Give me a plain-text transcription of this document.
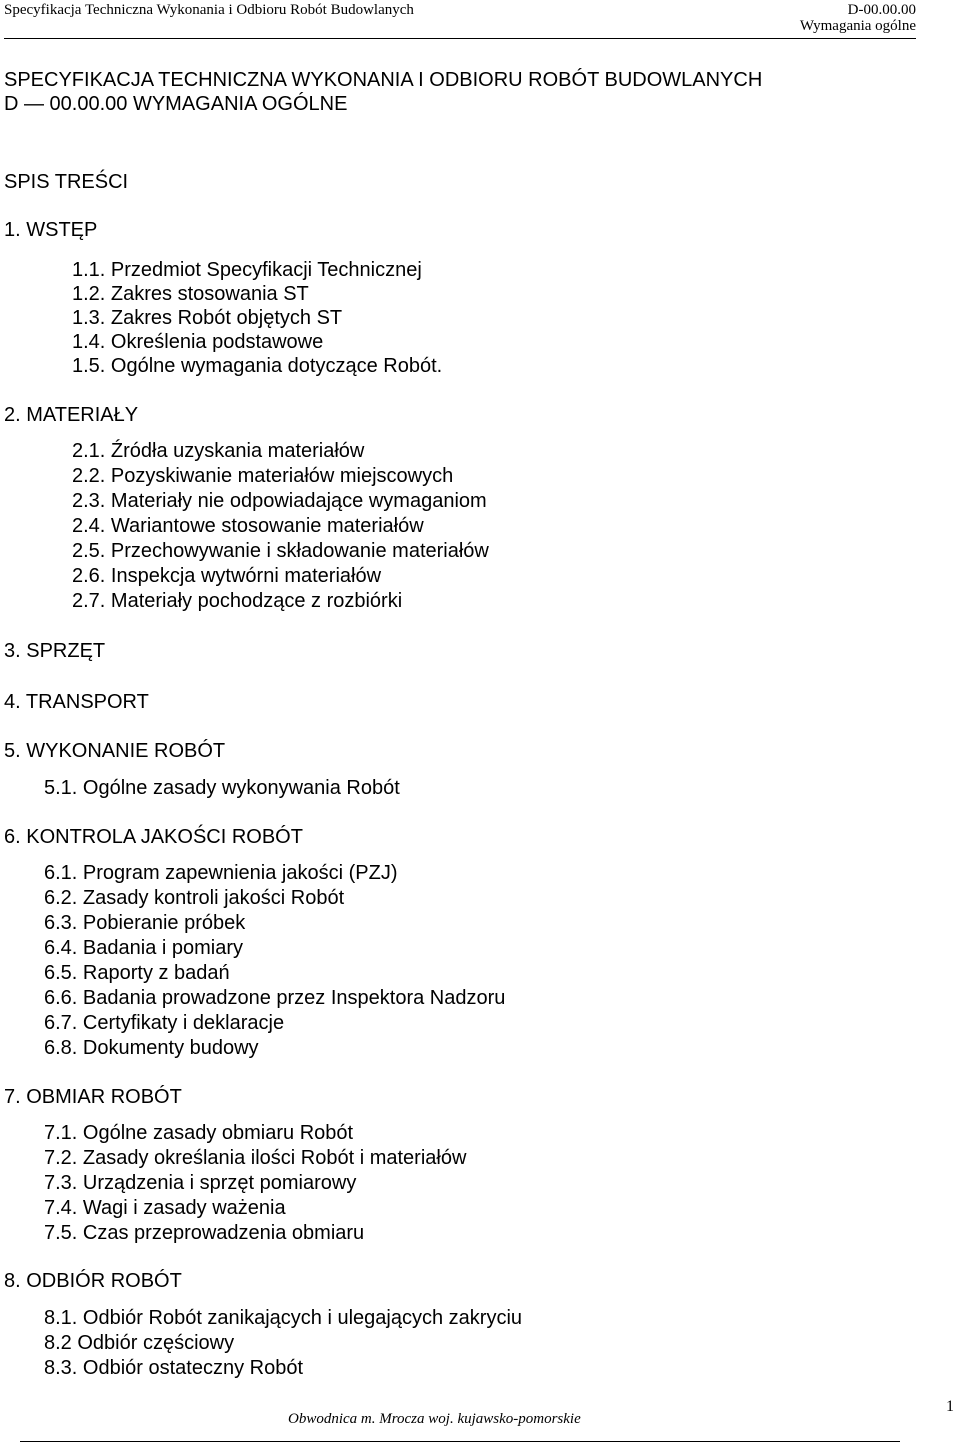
Specyfikacja Techniczna Wykonania i Odbioru Robót Budowlanych	D-00.00.00
Wymagania ogólne
SPECYFIKACJA TECHNICZNA WYKONANIA I ODBIORU ROBÓT BUDOWLANYCH
D — 00.00.00 WYMAGANIA OGÓLNE
SPIS TREŚCI
1. WSTĘP
1.1. Przedmiot Specyfikacji Technicznej
1.2. Zakres stosowania ST
1.3. Zakres Robót objętych ST
1.4. Określenia podstawowe
1.5. Ogólne wymagania dotyczące Robót.
2. MATERIAŁY
2.1. Źródła uzyskania materiałów
2.2. Pozyskiwanie materiałów miejscowych
2.3. Materiały nie odpowiadające wymaganiom
2.4. Wariantowe stosowanie materiałów
2.5. Przechowywanie i składowanie materiałów
2.6. Inspekcja wytwórni materiałów
2.7. Materiały pochodzące z rozbiórki
3. SPRZĘT
4. TRANSPORT
5. WYKONANIE ROBÓT
5.1. Ogólne zasady wykonywania Robót
6. KONTROLA JAKOŚCI ROBÓT
6.1. Program zapewnienia jakości (PZJ)
6.2. Zasady kontroli jakości Robót
6.3. Pobieranie próbek
6.4. Badania i pomiary
6.5. Raporty z badań
6.6. Badania prowadzone przez Inspektora Nadzoru
6.7. Certyfikaty i deklaracje
6.8. Dokumenty budowy
7. OBMIAR ROBÓT
7.1. Ogólne zasady obmiaru Robót
7.2. Zasady określania ilości Robót i materiałów
7.3. Urządzenia i sprzęt pomiarowy
7.4. Wagi i zasady ważenia
7.5. Czas przeprowadzenia obmiaru
8. ODBIÓR ROBÓT
8.1. Odbiór Robót zanikających i ulegających zakryciu
8.2 Odbiór częściowy
8.3. Odbiór ostateczny Robót
1
Obwodnica m. Mrocza woj. kujawsko-pomorskie
